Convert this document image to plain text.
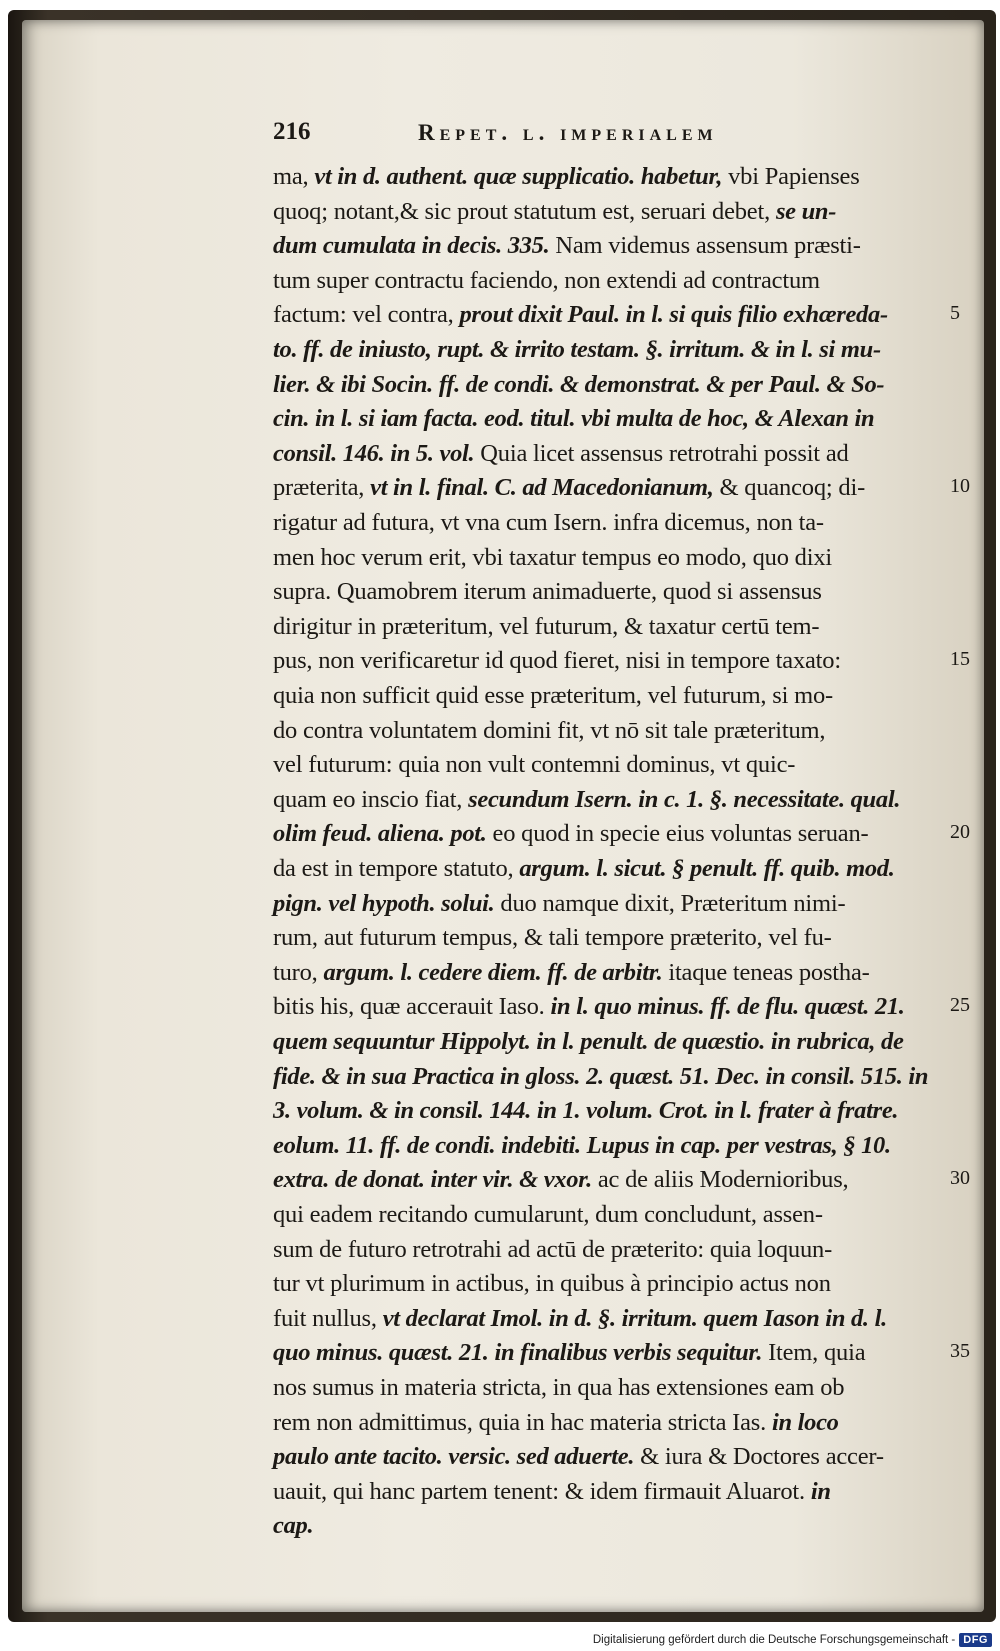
216	Repet. l. imperialem
ma, vt in d. authent. quæ supplicatio. habetur, vbi Papienses
quoq; notant,& sic prout statutum est, seruari debet, se un-
dum cumulata in decis. 335. Nam videmus assensum præsti-
tum super contractu faciendo, non extendi ad contractum
factum: vel contra, prout dixit Paul. in l. si quis filio exhæreda-
to. ff. de iniusto, rupt. & irrito testam. §. irritum. & in l. si mu-
lier. & ibi Socin. ff. de condi. & demonstrat. & per Paul. & So-
cin. in l. si iam facta. eod. titul. vbi multa de hoc, & Alexan in
consil. 146. in 5. vol. Quia licet assensus retrotrahi possit ad
præterita, vt in l. final. C. ad Macedonianum, & quancoq; di-
rigatur ad futura, vt vna cum Isern. infra dicemus, non ta-
men hoc verum erit, vbi taxatur tempus eo modo, quo dixi
supra. Quamobrem iterum animaduerte, quod si assensus
dirigitur in præteritum, vel futurum, & taxatur certū tem-
pus, non verificaretur id quod fieret, nisi in tempore taxato:
quia non sufficit quid esse præteritum, vel futurum, si mo-
do contra voluntatem domini fit, vt nō sit tale præteritum,
vel futurum: quia non vult contemni dominus, vt quic-
quam eo inscio fiat, secundum Isern. in c. 1. §. necessitate. qual.
olim feud. aliena. pot. eo quod in specie eius voluntas seruan-
da est in tempore statuto, argum. l. sicut. § penult. ff. quib. mod.
pign. vel hypoth. solui. duo namque dixit, Præteritum nimi-
rum, aut futurum tempus, & tali tempore præterito, vel fu-
turo, argum. l. cedere diem. ff. de arbitr. itaque teneas postha-
bitis his, quæ accerauit Iaso. in l. quo minus. ff. de flu. quæst. 21.
quem sequuntur Hippolyt. in l. penult. de quæstio. in rubrica, de
fide. & in sua Practica in gloss. 2. quæst. 51. Dec. in consil. 515. in
3. volum. & in consil. 144. in 1. volum. Crot. in l. frater à fratre.
eolum. 11. ff. de condi. indebiti. Lupus in cap. per vestras, § 10.
extra. de donat. inter vir. & vxor. ac de aliis Modernioribus,
qui eadem recitando cumularunt, dum concludunt, assen-
sum de futuro retrotrahi ad actū de præterito: quia loquun-
tur vt plurimum in actibus, in quibus à principio actus non
fuit nullus, vt declarat Imol. in d. §. irritum. quem Iason in d. l.
quo minus. quæst. 21. in finalibus verbis sequitur. Item, quia
nos sumus in materia stricta, in qua has extensiones eam ob
rem non admittimus, quia in hac materia stricta Ias. in loco
paulo ante tacito. versic. sed aduerte. & iura & Doctores accer-
uauit, qui hanc partem tenent: & idem firmauit Aluarot. in
cap.
5
10
15
20
25
30
35
Digitalisierung gefördert durch die Deutsche Forschungsgemeinschaft - DFG
